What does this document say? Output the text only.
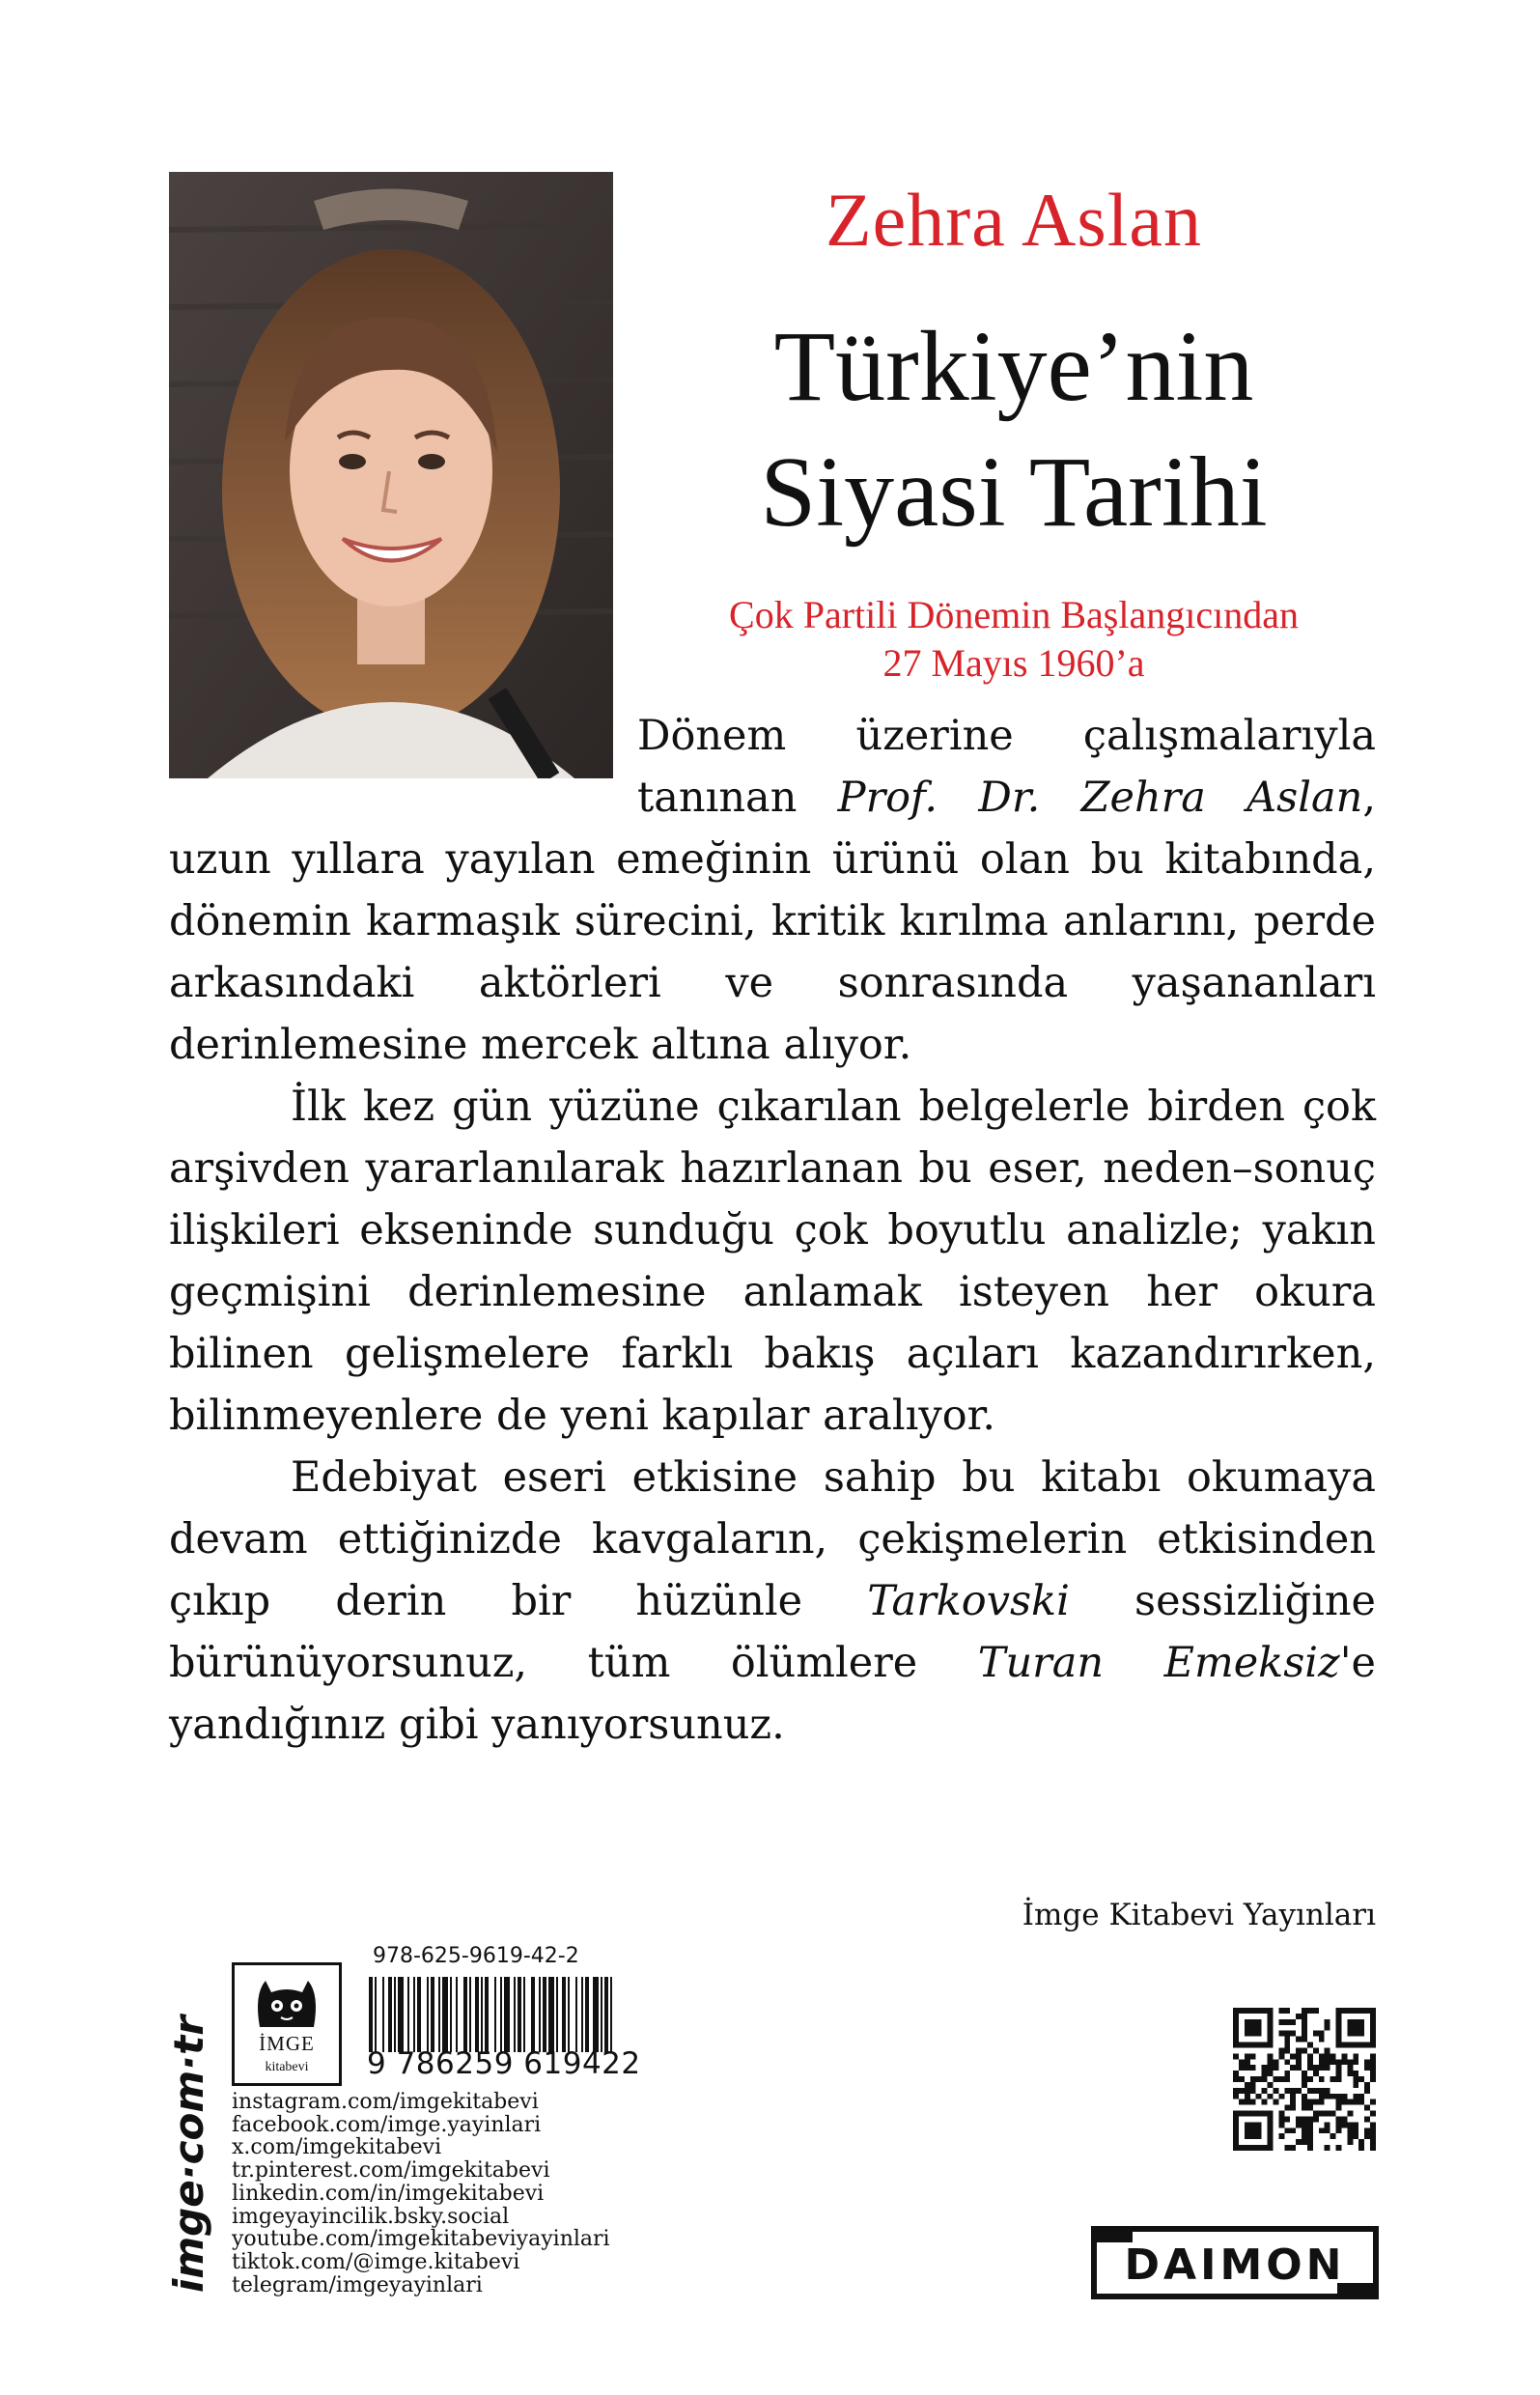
Zehra Aslan
Türkiye’nin
Siyasi Tarihi
Çok Partili Dönemin Başlangıcından
27 Mayıs 1960’a

Dönem üzerine çalışmalarıyla tanınan Prof. Dr. Zehra Aslan, uzun yıllara yayılan emeğinin ürünü olan bu kitabında, dönemin karmaşık sürecini, kritik kırılma anlarını, perde arkasındaki aktörleri ve sonrasında yaşananları derinlemesine mercek altına alıyor.

İlk kez gün yüzüne çıkarılan belgelerle birden çok arşivden yararlanılarak hazırlanan bu eser, neden–sonuç ilişkileri ekseninde sunduğu çok boyutlu analizle; yakın geçmişini derinlemesine anlamak isteyen her okura bilinen gelişmelere farklı bakış açıları kazandırırken, bilinmeyenlere de yeni kapılar aralıyor.

Edebiyat eseri etkisine sahip bu kitabı okumaya devam ettiğinizde kavgaların, çekişmelerin etkisinden çıkıp derin bir hüzünle Tarkovski sessizliğine bürünüyorsunuz, tüm ölümlere Turan Emeksiz'e yandığınız gibi yanıyorsunuz.

İmge Kitabevi Yayınları
imge·com·tr	İMGE
kitabevi
978-625-9619-42-2
9 786259 619422
instagram.com/imgekitabevi
facebook.com/imge.yayinlari
x.com/imgekitabevi
tr.pinterest.com/imgekitabevi
linkedin.com/in/imgekitabevi
imgeyayincilik.bsky.social
youtube.com/imgekitabeviyayinlari
tiktok.com/@imge.kitabevi
telegram/imgeyayinlari	DAIMON
